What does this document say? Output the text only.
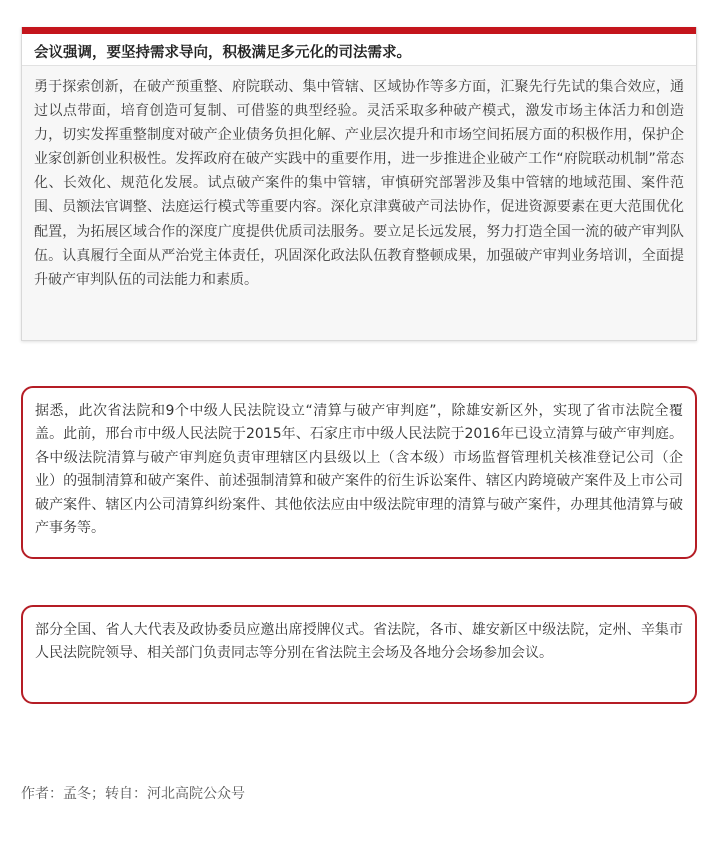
会议强调，要坚持需求导向，积极满足多元化的司法需求。
勇于探索创新，在破产预重整、府院联动、集中管辖、区域协作等多方面，汇聚先行先试的集合效应，通过以点带面，培育创造可复制、可借鉴的典型经验。灵活采取多种破产模式，激发市场主体活力和创造力，切实发挥重整制度对破产企业债务负担化解、产业层次提升和市场空间拓展方面的积极作用，保护企业家创新创业积极性。发挥政府在破产实践中的重要作用，进一步推进企业破产工作“府院联动机制”常态化、长效化、规范化发展。试点破产案件的集中管辖，审慎研究部署涉及集中管辖的地域范围、案件范围、员额法官调整、法庭运行模式等重要内容。深化京津冀破产司法协作，促进资源要素在更大范围优化配置，为拓展区域合作的深度广度提供优质司法服务。要立足长远发展，努力打造全国一流的破产审判队伍。认真履行全面从严治党主体责任，巩固深化政法队伍教育整顿成果，加强破产审判业务培训，全面提升破产审判队伍的司法能力和素质。
据悉，此次省法院和9个中级人民法院设立“清算与破产审判庭”，除雄安新区外，实现了省市法院全覆盖。此前，邢台市中级人民法院于2015年、石家庄市中级人民法院于2016年已设立清算与破产审判庭。各中级法院清算与破产审判庭负责审理辖区内县级以上（含本级）市场监督管理机关核准登记公司（企业）的强制清算和破产案件、前述强制清算和破产案件的衍生诉讼案件、辖区内跨境破产案件及上市公司破产案件、辖区内公司清算纠纷案件、其他依法应由中级法院审理的清算与破产案件，办理其他清算与破产事务等。
部分全国、省人大代表及政协委员应邀出席授牌仪式。省法院，各市、雄安新区中级法院，定州、辛集市人民法院院领导、相关部门负责同志等分别在省法院主会场及各地分会场参加会议。
作者：孟冬；转自：河北高院公众号
